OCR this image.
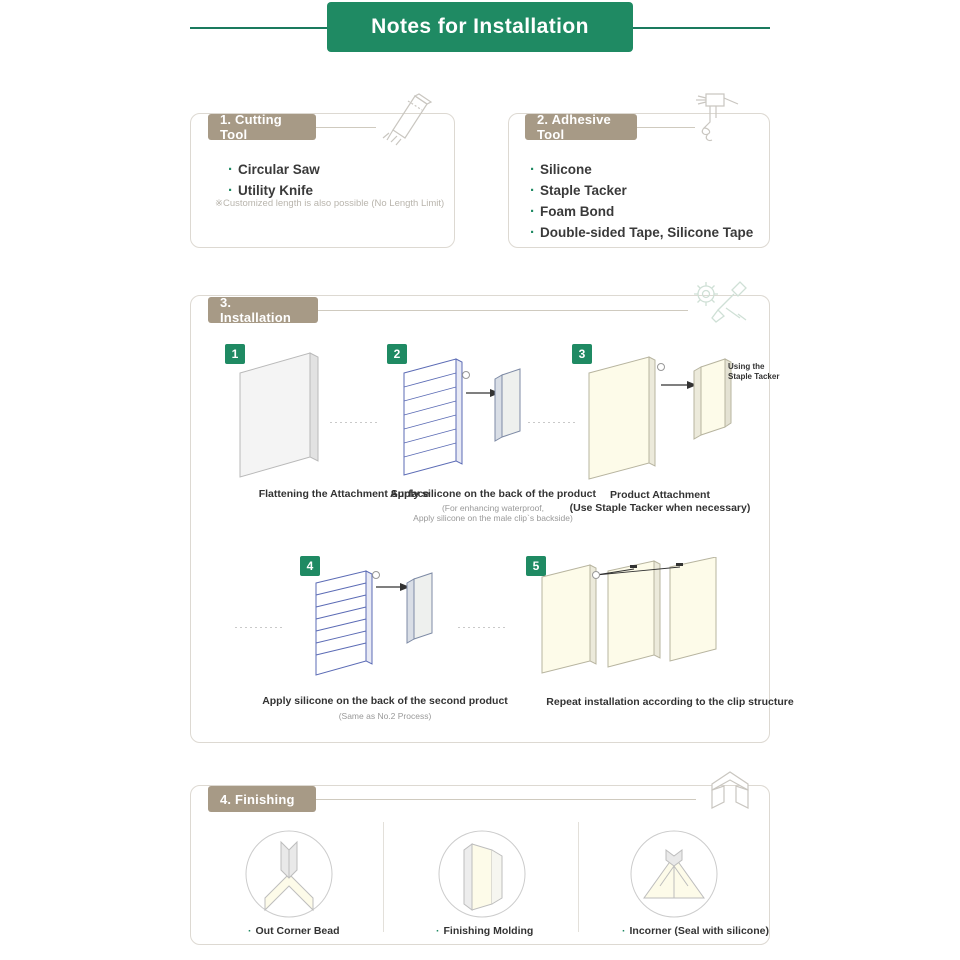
Notes for Installation
1. Cutting Tool
· Circular Saw
· Utility Knife
※Customized length is also possible (No Length Limit)
2. Adhesive Tool
· Silicone
· Staple Tacker
· Foam Bond
· Double-sided Tape, Silicone Tape
3. Installation
1
Flattening the Attachment Surface
2
Apply silicone on the back of the product
(For enhancing waterproof,
Apply silicone on the male clip`s backside)
3
Using the
Staple Tacker
Product Attachment
(Use Staple Tacker when necessary)
4
Apply silicone on the back of the second product
(Same as No.2 Process)
5
Repeat installation according to the clip structure
4. Finishing
· Out Corner Bead	· Finishing Molding	· Incorner (Seal with silicone)
